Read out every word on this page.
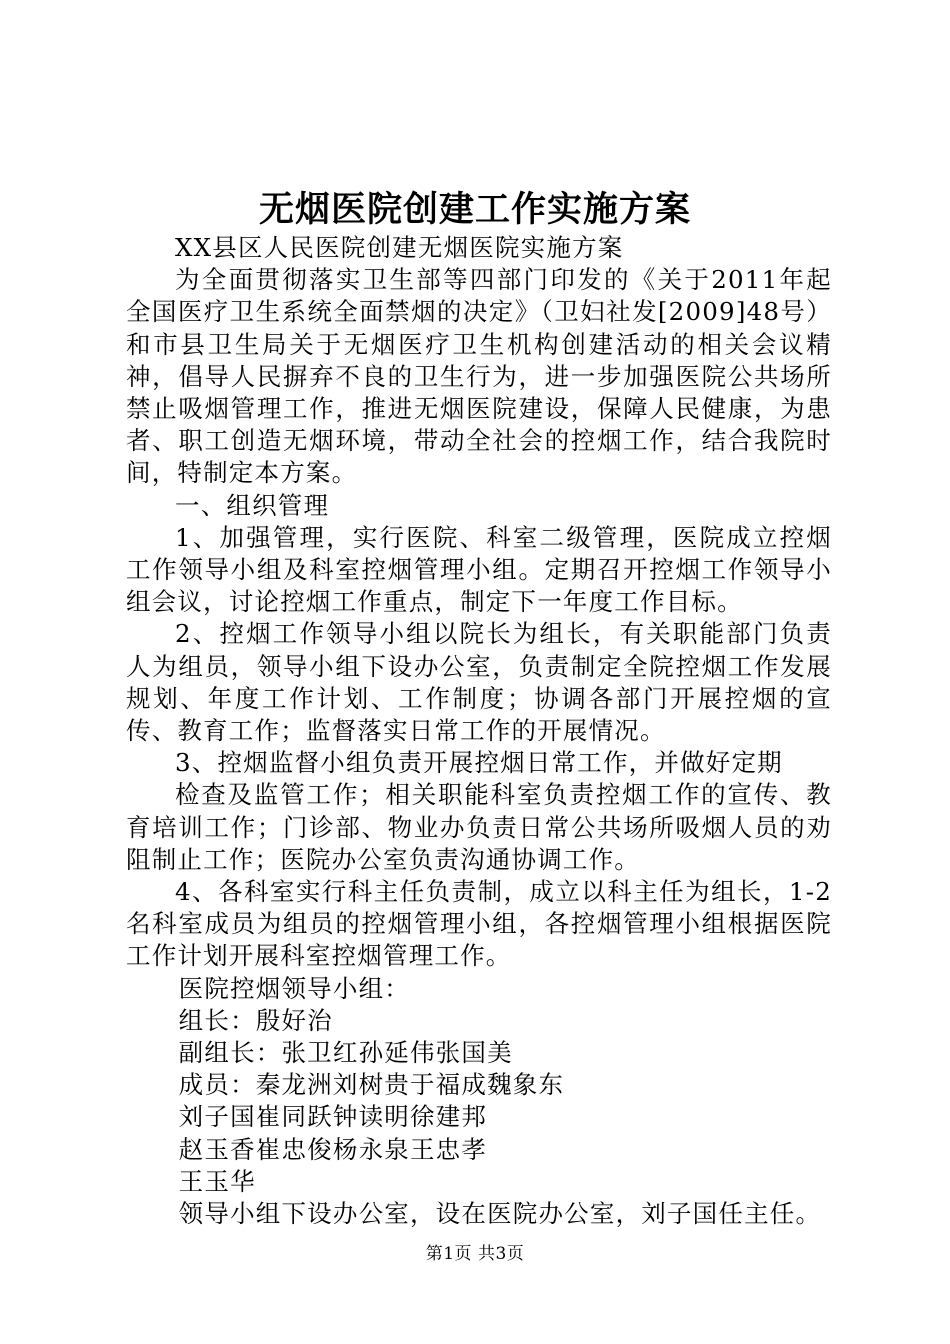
无烟医院创建工作实施方案

XX县区人民医院创建无烟医院实施方案

为全面贯彻落实卫生部等四部门印发的《关于2011年起全国医疗卫生系统全面禁烟的决定》（卫妇社发[2009]48号）和市县卫生局关于无烟医疗卫生机构创建活动的相关会议精神，倡导人民摒弃不良的卫生行为，进一步加强医院公共场所禁止吸烟管理工作，推进无烟医院建设，保障人民健康，为患者、职工创造无烟环境，带动全社会的控烟工作，结合我院时间，特制定本方案。

一、组织管理

1、加强管理，实行医院、科室二级管理，医院成立控烟工作领导小组及科室控烟管理小组。定期召开控烟工作领导小组会议，讨论控烟工作重点，制定下一年度工作目标。

2、控烟工作领导小组以院长为组长，有关职能部门负责人为组员，领导小组下设办公室，负责制定全院控烟工作发展规划、年度工作计划、工作制度；协调各部门开展控烟的宣传、教育工作；监督落实日常工作的开展情况。

3、控烟监督小组负责开展控烟日常工作，并做好定期

检查及监管工作；相关职能科室负责控烟工作的宣传、教育培训工作；门诊部、物业办负责日常公共场所吸烟人员的劝阻制止工作；医院办公室负责沟通协调工作。

4、各科室实行科主任负责制，成立以科主任为组长，1-2名科室成员为组员的控烟管理小组，各控烟管理小组根据医院工作计划开展科室控烟管理工作。

医院控烟领导小组：

组长：殷好治

副组长：张卫红孙延伟张国美

成员：秦龙洲刘树贵于福成魏象东

刘子国崔同跃钟读明徐建邦

赵玉香崔忠俊杨永泉王忠孝

王玉华

领导小组下设办公室，设在医院办公室，刘子国任主任。

第1页 共3页
